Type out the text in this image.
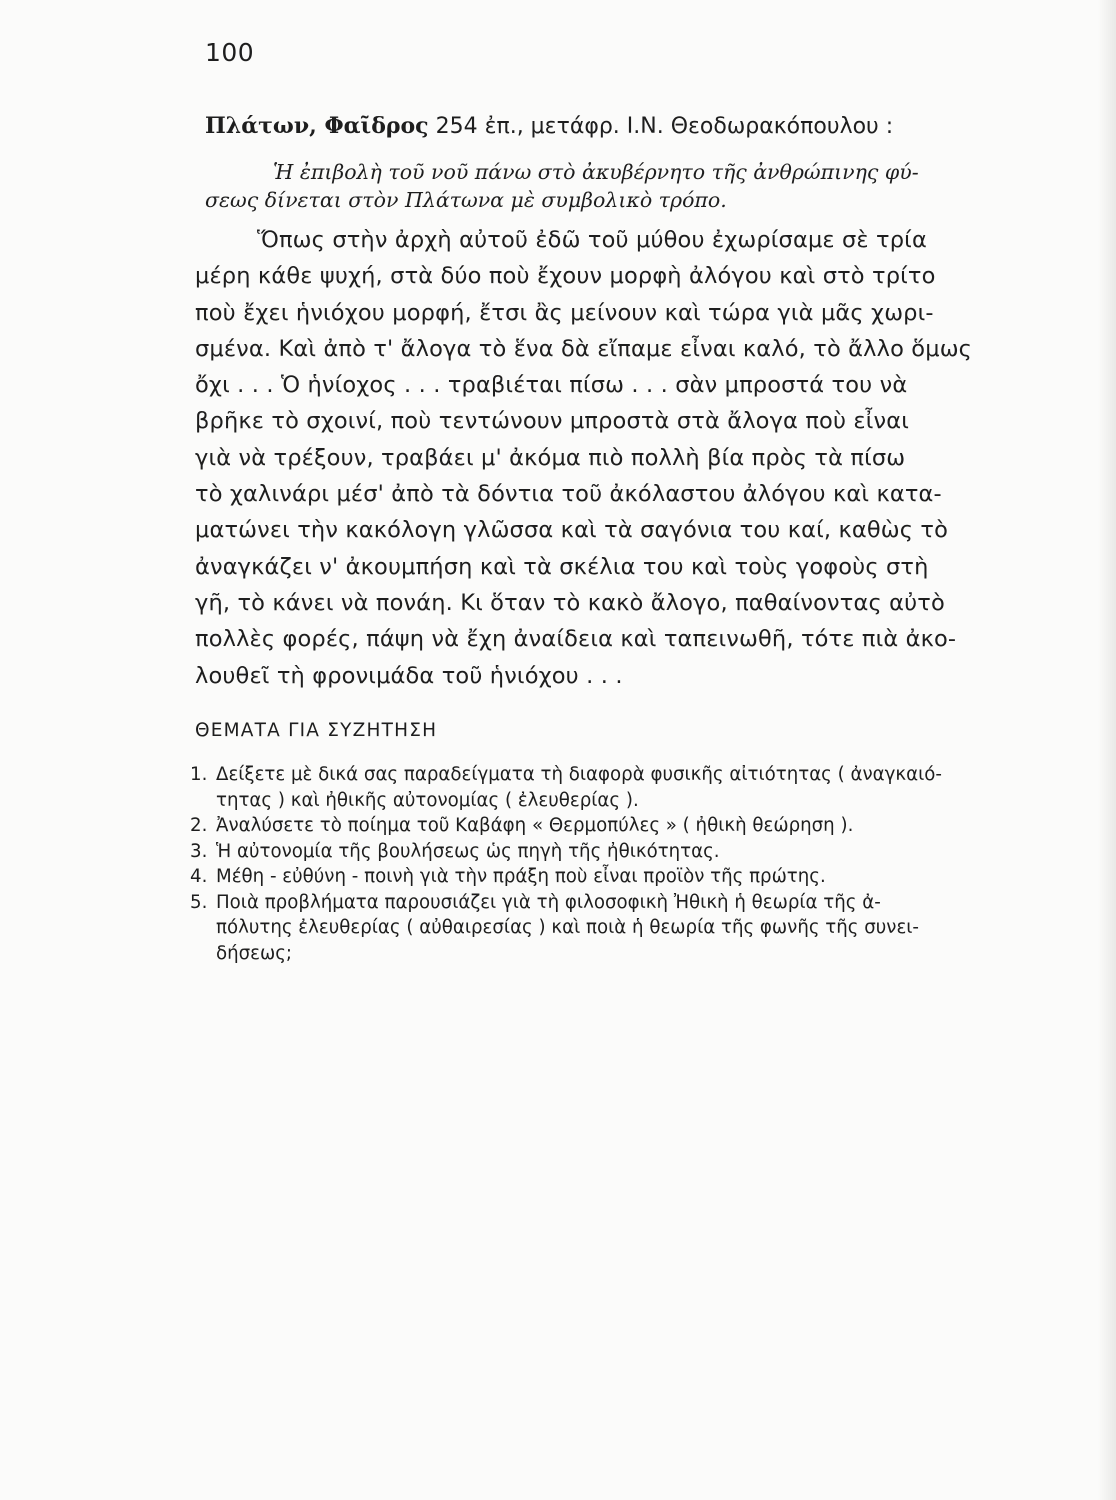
100
Πλάτων, Φαῖδρος 254 ἐπ., μετάφρ. Ι.Ν. Θεοδωρακόπουλου :
Ἡ ἐπιβολὴ τοῦ νοῦ πάνω στὸ ἀκυβέρνητο τῆς ἀνθρώπινης φύ-
σεως δίνεται στὸν Πλάτωνα μὲ συμβολικὸ τρόπο.
Ὅπως στὴν ἀρχὴ αὐτοῦ ἐδῶ τοῦ μύθου ἐχωρίσαμε σὲ τρία
μέρη κάθε ψυχή, στὰ δύο ποὺ ἔχουν μορφὴ ἀλόγου καὶ στὸ τρίτο
ποὺ ἔχει ἡνιόχου μορφή, ἔτσι ἂς μείνουν καὶ τώρα γιὰ μᾶς χωρι-
σμένα. Καὶ ἀπὸ τ' ἄλογα τὸ ἕνα δὰ εἴπαμε εἶναι καλό, τὸ ἄλλο ὅμως
ὄχι . . . Ὁ ἡνίοχος . . . τραβιέται πίσω . . . σὰν μπροστά του νὰ
βρῆκε τὸ σχοινί, ποὺ τεντώνουν μπροστὰ στὰ ἄλογα ποὺ εἶναι
γιὰ νὰ τρέξουν, τραβάει μ' ἀκόμα πιὸ πολλὴ βία πρὸς τὰ πίσω
τὸ χαλινάρι μέσ' ἀπὸ τὰ δόντια τοῦ ἀκόλαστου ἀλόγου καὶ κατα-
ματώνει τὴν κακόλογη γλῶσσα καὶ τὰ σαγόνια του καί, καθὼς τὸ
ἀναγκάζει ν' ἀκουμπήση καὶ τὰ σκέλια του καὶ τοὺς γοφοὺς στὴ
γῆ, τὸ κάνει νὰ πονάη. Κι ὅταν τὸ κακὸ ἄλογο, παθαίνοντας αὐτὸ
πολλὲς φορές, πάψη νὰ ἔχη ἀναίδεια καὶ ταπεινωθῆ, τότε πιὰ ἀκο-
λουθεῖ τὴ φρονιμάδα τοῦ ἡνιόχου . . .
ΘΕΜΑΤΑ ΓΙΑ ΣΥΖΗΤΗΣΗ
1. Δείξετε μὲ δικά σας παραδείγματα τὴ διαφορὰ φυσικῆς αἰτιότητας ( ἀναγκαιό-
τητας ) καὶ ἠθικῆς αὐτονομίας ( ἐλευθερίας ).
2. Ἀναλύσετε τὸ ποίημα τοῦ Καβάφη « Θερμοπύλες » ( ἠθικὴ θεώρηση ).
3. Ἡ αὐτονομία τῆς βουλήσεως ὡς πηγὴ τῆς ἠθικότητας.
4. Μέθη - εὐθύνη - ποινὴ γιὰ τὴν πράξη ποὺ εἶναι προϊὸν τῆς πρώτης.
5. Ποιὰ προβλήματα παρουσιάζει γιὰ τὴ φιλοσοφικὴ Ἠθικὴ ἡ θεωρία τῆς ἀ-
πόλυτης ἐλευθερίας ( αὐθαιρεσίας ) καὶ ποιὰ ἡ θεωρία τῆς φωνῆς τῆς συνει-
δήσεως;
